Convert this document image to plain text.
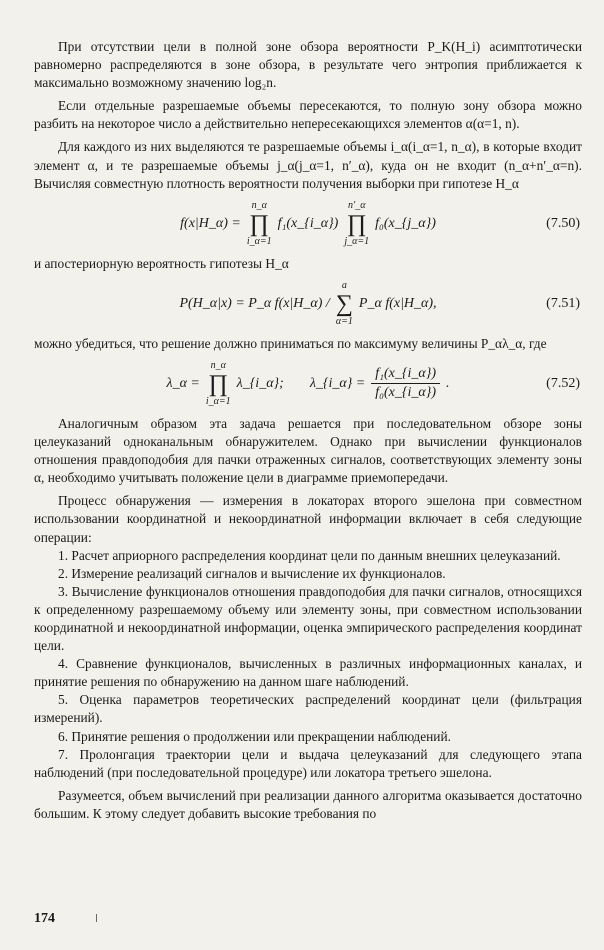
При отсутствии цели в полной зоне обзора вероятности P_K(H_i) асимптотически равномерно распределяются в зоне обзора, в результате чего энтропия приближается к максимально возможному значению log₂n.

Если отдельные разрешаемые объемы пересекаются, то полную зону обзора можно разбить на некоторое число a действительно непересекающихся элементов α(α=1, n).

Для каждого из них выделяются те разрешаемые объемы i_α(i_α=1, n_α), в которые входит элемент α, и те разрешаемые объемы j_α(j_α=1, n′_α), куда он не входит (n_α+n′_α=n). Вычисляя совместную плотность вероятности получения выборки при гипотезе H_α

f(x|H_α) =
n_α
∏
i_α=1
f₁(x_{i_α})
n′_α
∏
j_α=1
f₀(x_{j_α})	(7.50)

и апостериорную вероятность гипотезы H_α

P(H_α|x) = P_α f(x|H_α) /
a
∑
α=1
P_α f(x|H_α),	(7.51)

можно убедиться, что решение должно приниматься по максимуму величины P_αλ_α, где

λ_α =
n_α
∏
i_α=1
λ_{i_α}; λ_{i_α} = $\frac{\text{f₁(x\_\{i\_α\})}}{\text{f₀(x\_\{i\_α\})}}$ .	(7.52)

Аналогичным образом эта задача решается при последовательном обзоре зоны целеуказаний одноканальным обнаружителем. Однако при вычислении функционалов отношения правдоподобия для пачки отраженных сигналов, соответствующих элементу зоны α, необходимо учитывать положение цели в диаграмме приемопередачи.

Процесс обнаружения — измерения в локаторах второго эшелона при совместном использовании координатной и некоординатной информации включает в себя следующие операции:

1. Расчет априорного распределения координат цели по данным внешних целеуказаний.

2. Измерение реализаций сигналов и вычисление их функционалов.

3. Вычисление функционалов отношения правдоподобия для пачки сигналов, относящихся к определенному разрешаемому объему или элементу зоны, при совместном использовании координатной и некоординатной информации, оценка эмпирического распределения координат цели.

4. Сравнение функционалов, вычисленных в различных информационных каналах, и принятие решения по обнаружению на данном шаге наблюдений.

5. Оценка параметров теоретических распределений координат цели (фильтрация измерений).

6. Принятие решения о продолжении или прекращении наблюдений.

7. Пролонгация траектории цели и выдача целеуказаний для следующего этапа наблюдений (при последовательной процедуре) или локатора третьего эшелона.

Разумеется, объем вычислений при реализации данного алгоритма оказывается достаточно большим. К этому следует добавить высокие требования по

174
